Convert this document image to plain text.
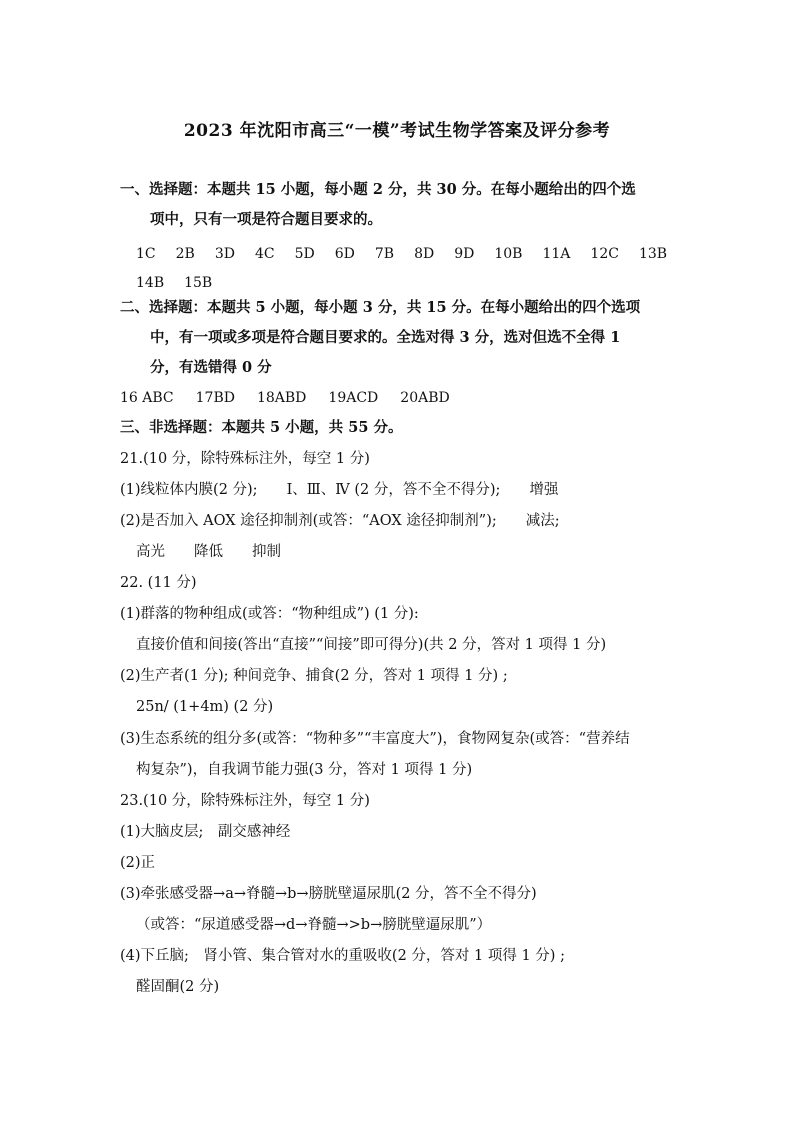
2023 年沈阳市高三“一模”考试生物学答案及评分参考
一、选择题：本题共 15 小题，每小题 2 分，共 30 分。在每小题给出的四个选
项中，只有一项是符合题目要求的。
1C 2B 3D 4C 5D 6D 7B 8D 9D 10B 11A 12C 13B14B 15B
二、选择题：本题共 5 小题，每小题 3 分，共 15 分。在每小题给出的四个选项
中，有一项或多项是符合题目要求的。全选对得 3 分，选对但选不全得 1
分，有选错得 0 分
16 ABC 17BD 18ABD 19ACD 20ABD
三、非选择题：本题共 5 小题，共 55 分。
21.(10 分，除特殊标注外，每空 1 分)
(1)线粒体内膜(2 分);　　Ⅰ、Ⅲ、Ⅳ (2 分，答不全不得分);　　增强
(2)是否加入 AOX 途径抑制剂(或答：“AOX 途径抑制剂”);　　减法;
高光　　降低　　抑制
22. (11 分)
(1)群落的物种组成(或答：“物种组成”) (1 分):
直接价值和间接(答出“直接”“间接”即可得分)(共 2 分，答对 1 项得 1 分)
(2)生产者(1 分); 种间竞争、捕食(2 分，答对 1 项得 1 分) ;
25n/ (1+4m) (2 分)
(3)生态系统的组分多(或答：“物种多”“丰富度大”)，食物网复杂(或答：“营养结
构复杂”)，自我调节能力强(3 分，答对 1 项得 1 分)
23.(10 分，除特殊标注外，每空 1 分)
(1)大脑皮层;　副交感神经
(2)正
(3)牵张感受器→a→脊髓→b→膀胱壁逼尿肌(2 分，答不全不得分)
（或答：“尿道感受器→d→脊髓→>b→膀胱壁逼尿肌”）
(4)下丘脑;　肾小管、集合管对水的重吸收(2 分，答对 1 项得 1 分) ;
醛固酮(2 分)
